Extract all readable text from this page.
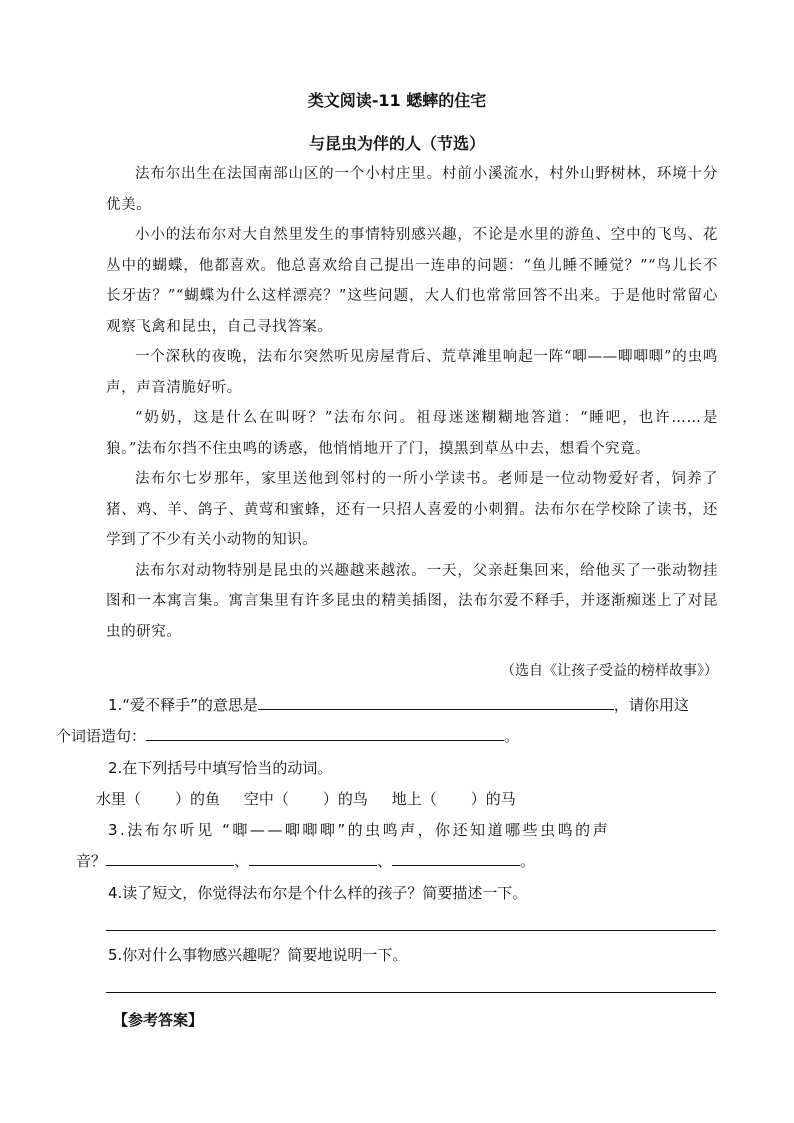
类文阅读-11 蟋蟀的住宅
与昆虫为伴的人（节选）

法布尔出生在法国南部山区的一个小村庄里。村前小溪流水，村外山野树林，环境十分优美。

小小的法布尔对大自然里发生的事情特别感兴趣，不论是水里的游鱼、空中的飞鸟、花丛中的蝴蝶，他都喜欢。他总喜欢给自己提出一连串的问题：“鱼儿睡不睡觉？”“鸟儿长不长牙齿？”“蝴蝶为什么这样漂亮？”这些问题，大人们也常常回答不出来。于是他时常留心观察飞禽和昆虫，自己寻找答案。

一个深秋的夜晚，法布尔突然听见房屋背后、荒草滩里响起一阵“唧——唧唧唧”的虫鸣声，声音清脆好听。

“奶奶，这是什么在叫呀？”法布尔问。祖母迷迷糊糊地答道：“睡吧，也许……是狼。”法布尔挡不住虫鸣的诱惑，他悄悄地开了门，摸黑到草丛中去，想看个究竟。

法布尔七岁那年，家里送他到邻村的一所小学读书。老师是一位动物爱好者，饲养了猪、鸡、羊、鸽子、黄莺和蜜蜂，还有一只招人喜爱的小刺猬。法布尔在学校除了读书，还学到了不少有关小动物的知识。

法布尔对动物特别是昆虫的兴趣越来越浓。一天，父亲赶集回来，给他买了一张动物挂图和一本寓言集。寓言集里有许多昆虫的精美插图，法布尔爱不释手，并逐渐痴迷上了对昆虫的研究。

（选自《让孩子受益的榜样故事》）
1.“爱不释手”的意思是	，请你用这
个词语造句：	。
2.在下列括号中填写恰当的动词。
水里（ ）的鱼 空中（ ）的鸟 地上（ ）的马
3.法布尔听见 “唧——唧唧唧”的虫鸣声，你还知道哪些虫鸣的声
音？	、	、	。
4.读了短文，你觉得法布尔是个什么样的孩子？简要描述一下。
5.你对什么事物感兴趣呢？简要地说明一下。
【参考答案】
